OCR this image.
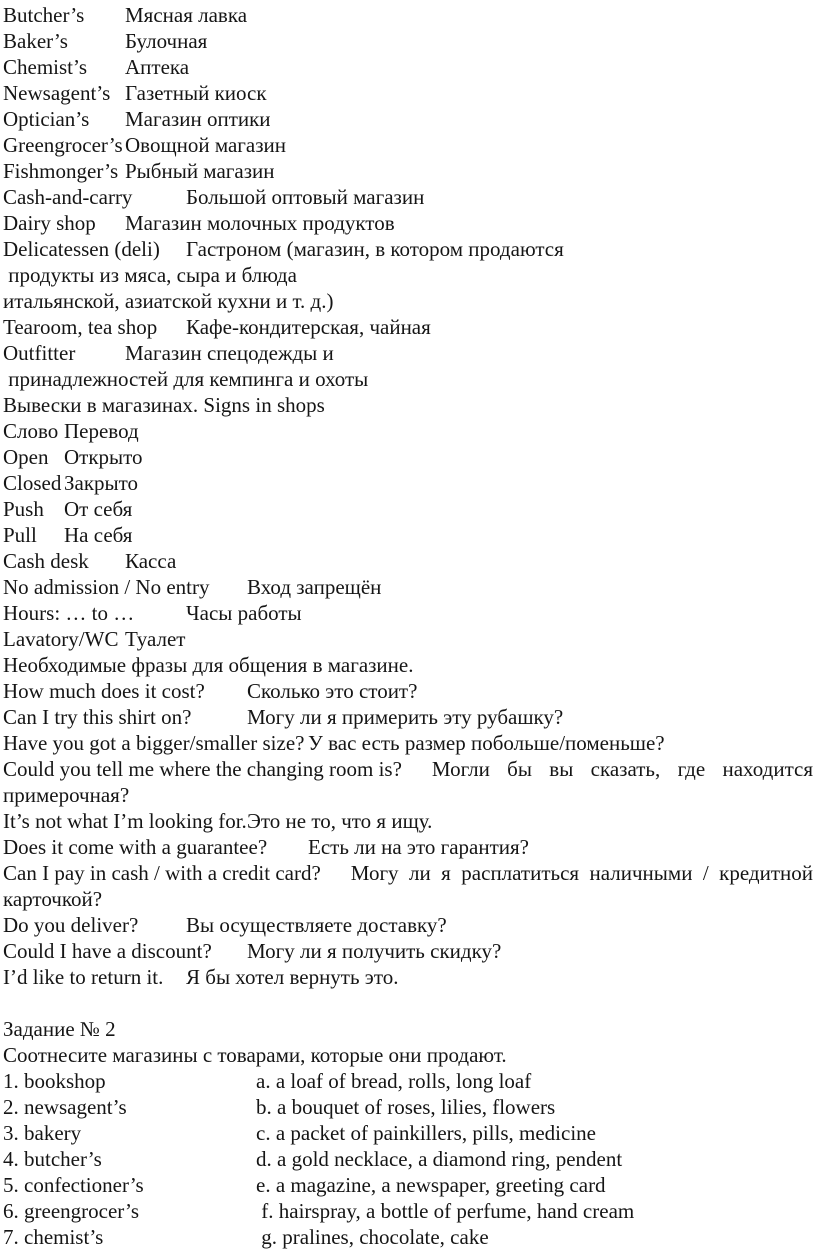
Butcher’s Мясная лавка
Baker’s	Булочная
Chemist’s Аптека
Newsagent’s Газетный киоск
Optician’s Магазин оптики
Greengrocer’s Овощной магазин
Fishmonger’s Рыбный магазин
Cash-and-carry	Большой оптовый магазин
Dairy shop Магазин молочных продуктов
Delicatessen (deli) Гастроном (магазин, в котором продаются
продукты из мяса, сыра и блюда
итальянской, азиатской кухни и т. д.)
Tearoom, tea shop Кафе-кондитерская, чайная
Outfitter Магазин спецодежды и
принадлежностей для кемпинга и охоты
Вывески в магазинах. Signs in shops
Слово Перевод
Open Открыто
Closed Закрыто
Push От себя
Pull На себя
Cash desk Касса
No admission / No entry Вход запрещён
Hours: … to … Часы работы
Lavatory/WC Туалет
Необходимые фразы для общения в магазине.
How much does it cost? Сколько это стоит?
Can I try this shirt on?	Могу ли я примерить эту рубашку?
Have you got a bigger/smaller size? У вас есть размер побольше/поменьше?
Could you tell me where the changing room is? Могли бы вы сказать, где находится
примерочная?
It’s not what I’m looking for.Это не то, что я ищу.
Does it come with a guarantee? Есть ли на это гарантия?
Can I pay in cash / with a credit card? Могу ли я расплатиться наличными / кредитной
карточкой?
Do you deliver? Вы осуществляете доставку?
Could I have a discount? Могу ли я получить скидку?
I’d like to return it. Я бы хотел вернуть это.

Задание № 2
Соотнесите магазины с товарами, которые они продают.
1. bookshop	a. a loaf of bread, rolls, long loaf
2. newsagent’s	b. a bouquet of roses, lilies, flowers
3. bakery	c. a packet of painkillers, pills, medicine
4. butcher’s	d. a gold necklace, a diamond ring, pendent
5. confectioner’s	e. a magazine, a newspaper, greeting card
6. greengrocer’s	f. hairspray, a bottle of perfume, hand cream
7. chemist’s	g. pralines, chocolate, cake
